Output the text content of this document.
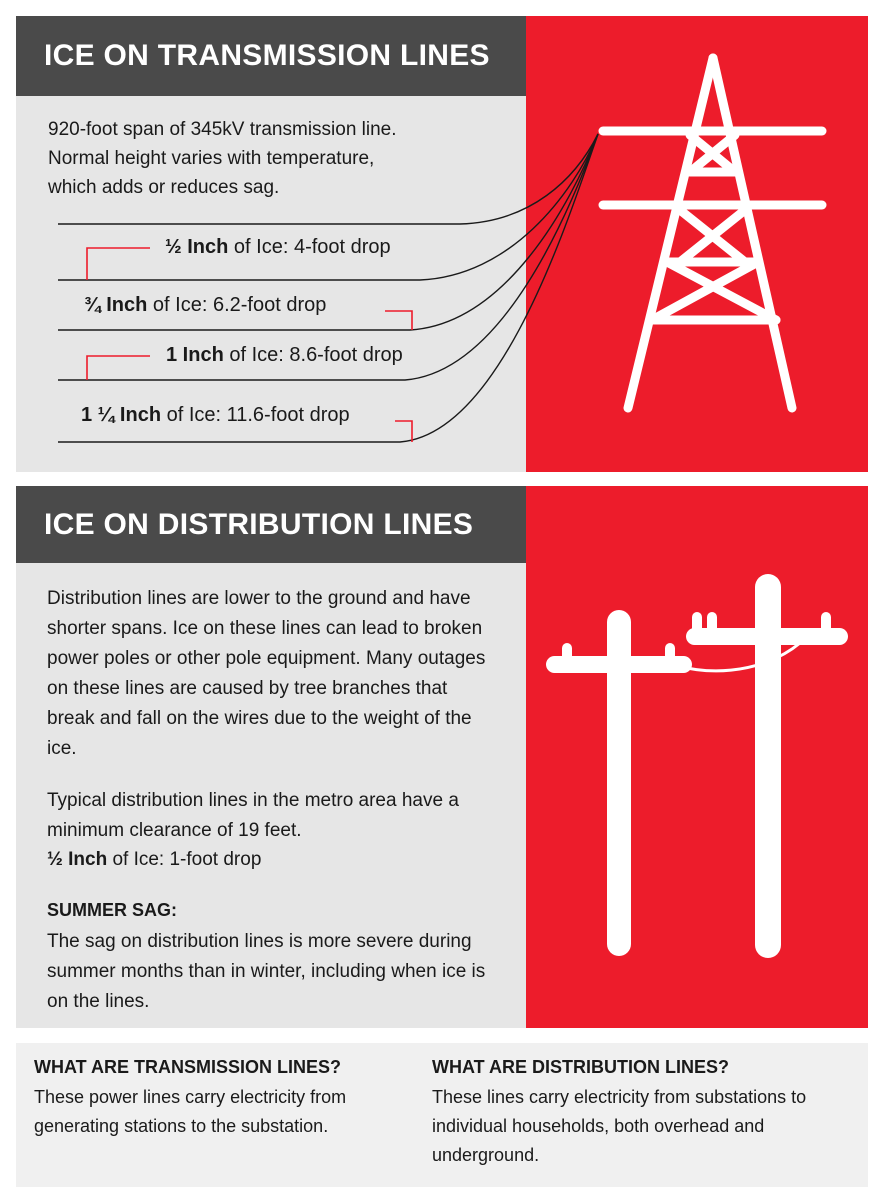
ICE ON TRANSMISSION LINES
920-foot span of 345kV transmission line. Normal height varies with temperature, which adds or reduces sag.
½ Inch of Ice: 4-foot drop
¾ Inch of Ice: 6.2-foot drop
1 Inch of Ice: 8.6-foot drop
1 ¼ Inch of Ice: 11.6-foot drop
ICE ON DISTRIBUTION LINES
Distribution lines are lower to the ground and have shorter spans. Ice on these lines can lead to broken power poles or other pole equipment. Many outages on these lines are caused by tree branches that break and fall on the wires due to the weight of the ice.
Typical distribution lines in the metro area have a minimum clearance of 19 feet.
½ Inch of Ice: 1-foot drop
SUMMER SAG:
The sag on distribution lines is more severe during summer months than in winter, including when ice is on the lines.
WHAT ARE TRANSMISSION LINES?
These power lines carry electricity from generating stations to the substation.
WHAT ARE DISTRIBUTION LINES?
These lines carry electricity from substations to individual households, both overhead and underground.
